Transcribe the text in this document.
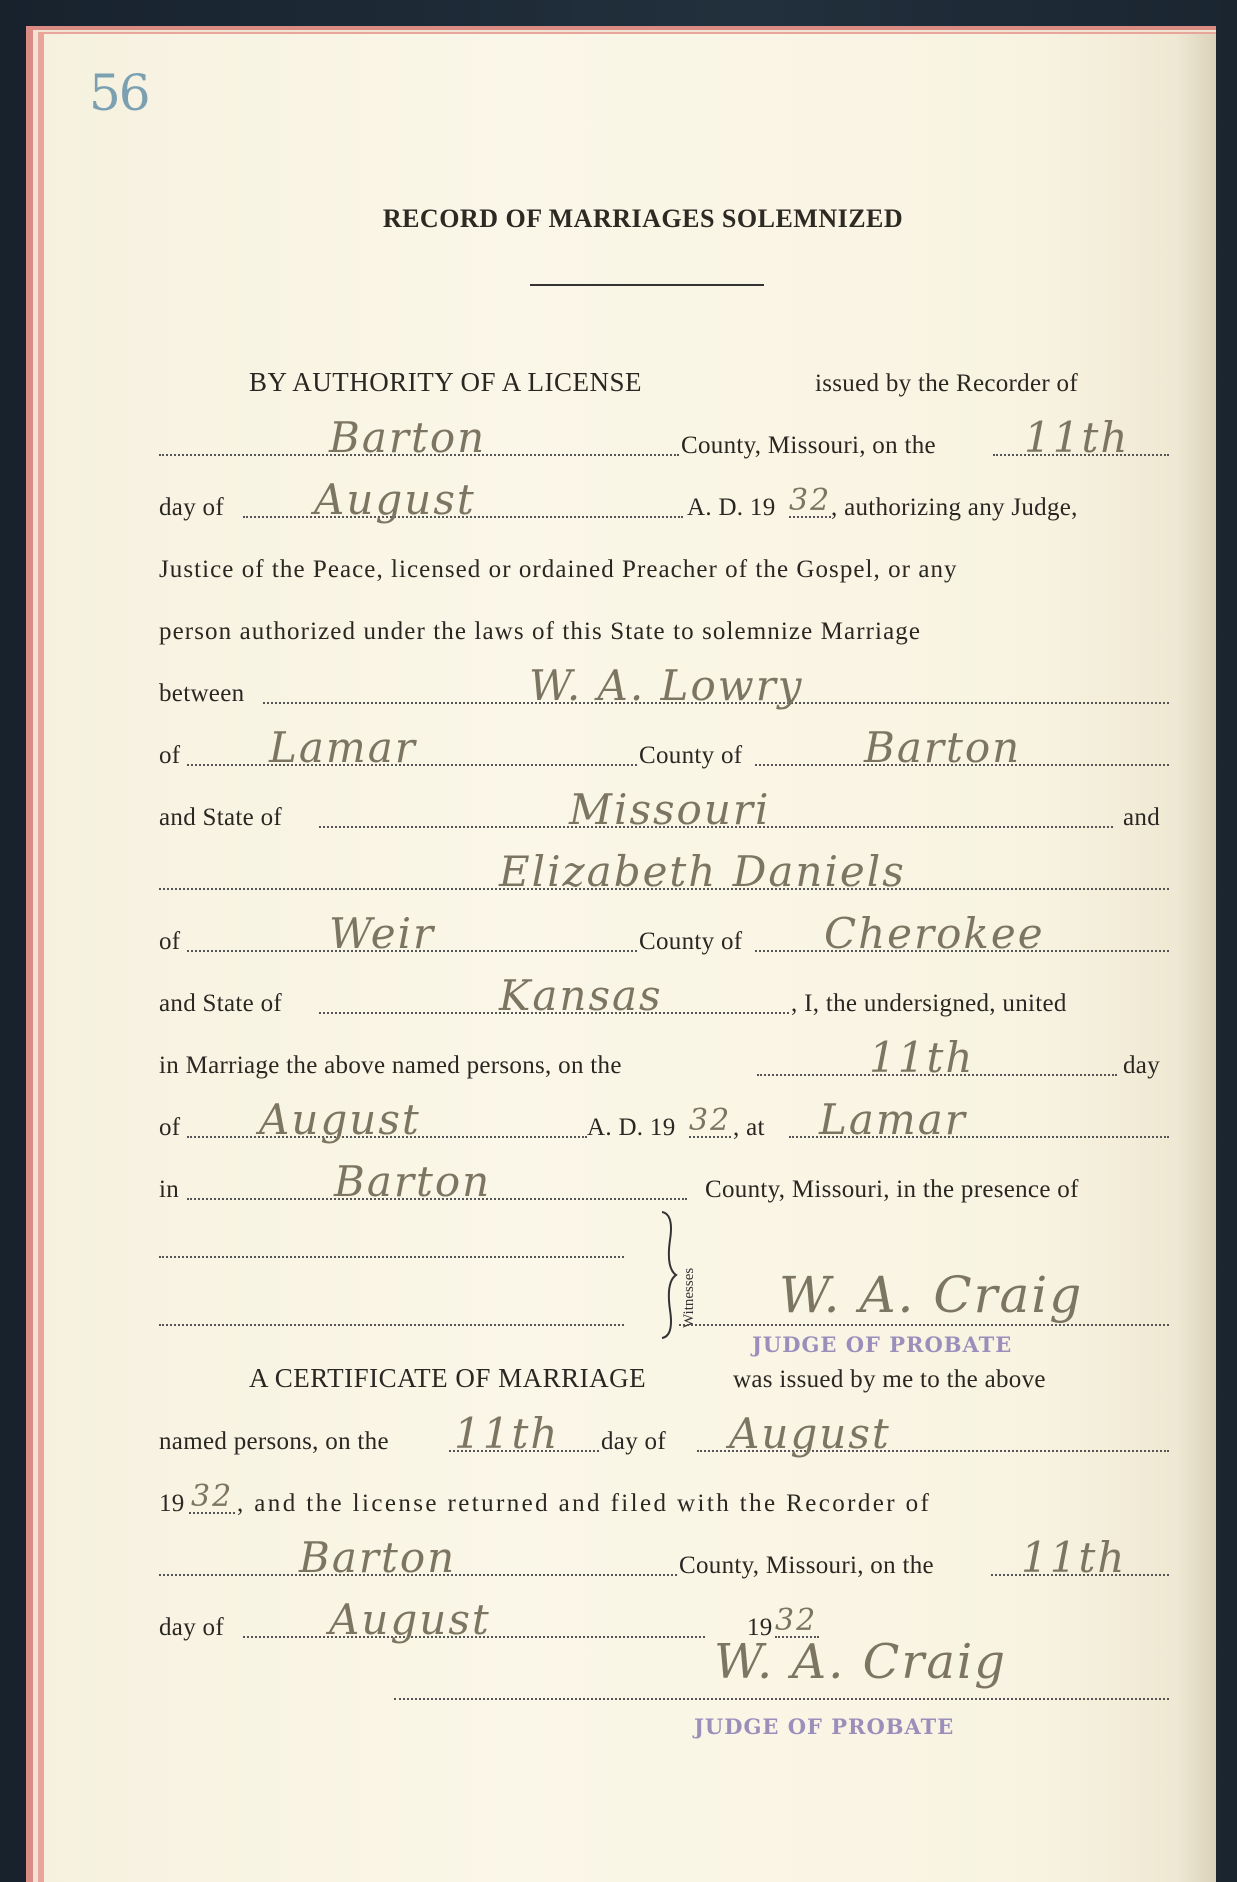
56
RECORD OF MARRIAGES SOLEMNIZED
BY AUTHORITY OF A LICENSE	issued by the Recorder of
Barton	County, Missouri, on the 11th
day of August	A. D. 19 32 , authorizing any Judge,
Justice of the Peace, licensed or ordained Preacher of the Gospel, or any
person authorized under the laws of this State to solemnize Marriage
between	W. A. Lowry
of Lamar	County of	Barton
and State of	Missouri	and
Elizabeth Daniels
of	Weir	County of Cherokee
and State of	Kansas	, I, the undersigned, united
in Marriage the above named persons, on the	11th	day
of August	A. D. 19 32 , at Lamar
in	Barton	County, Missouri, in the presence of
Witnesses W. A. Craig
JUDGE OF PROBATE
A CERTIFICATE OF MARRIAGE	was issued by me to the above
named persons, on the 11th day of August
19 32 , and the license returned and filed with the Recorder of
Barton	County, Missouri, on the 11th
day of	August	19 32
W. A. Craig
JUDGE OF PROBATE
